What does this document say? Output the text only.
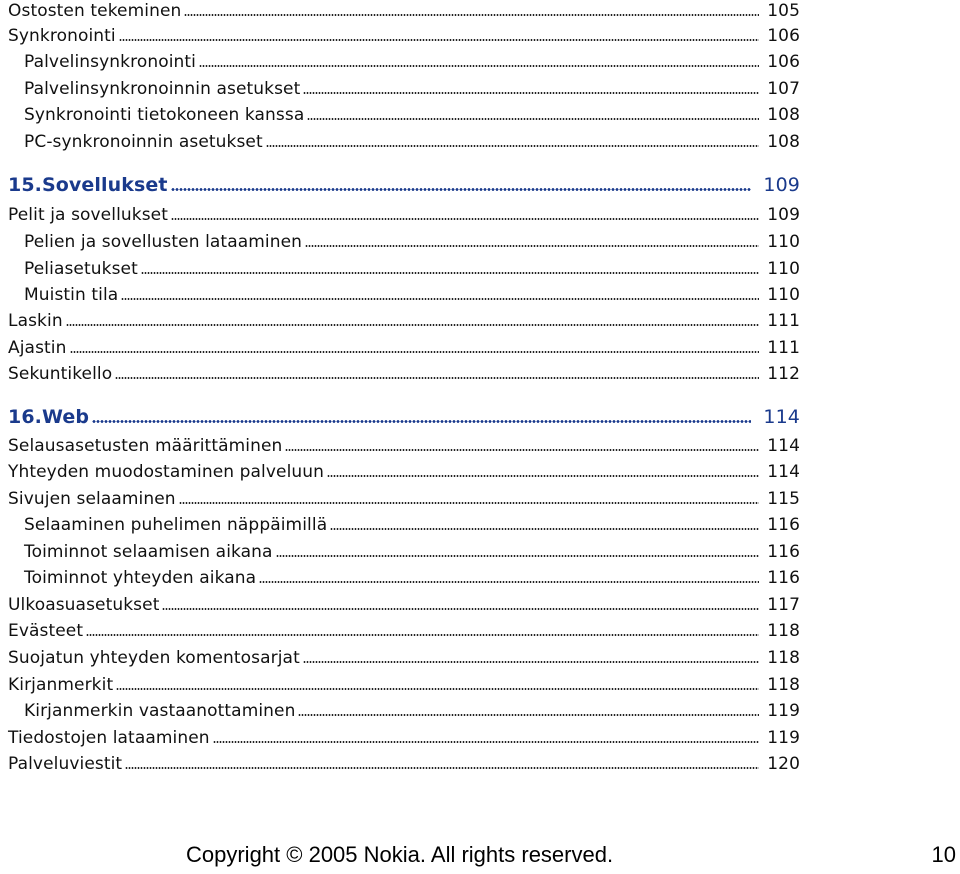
Ostosten tekeminen	105
Synkronointi	106
Palvelinsynkronointi	106
Palvelinsynkronoinnin asetukset	107
Synkronointi tietokoneen kanssa	108
PC-synkronoinnin asetukset	108
15.Sovellukset	109
Pelit ja sovellukset	109
Pelien ja sovellusten lataaminen	110
Peliasetukset	110
Muistin tila	110
Laskin	111
Ajastin	111
Sekuntikello	112
16.Web	114
Selausasetusten määrittäminen	114
Yhteyden muodostaminen palveluun	114
Sivujen selaaminen	115
Selaaminen puhelimen näppäimillä	116
Toiminnot selaamisen aikana	116
Toiminnot yhteyden aikana	116
Ulkoasuasetukset	117
Evästeet	118
Suojatun yhteyden komentosarjat	118
Kirjanmerkit	118
Kirjanmerkin vastaanottaminen	119
Tiedostojen lataaminen	119
Palveluviestit	120
Copyright © 2005 Nokia. All rights reserved.	10
